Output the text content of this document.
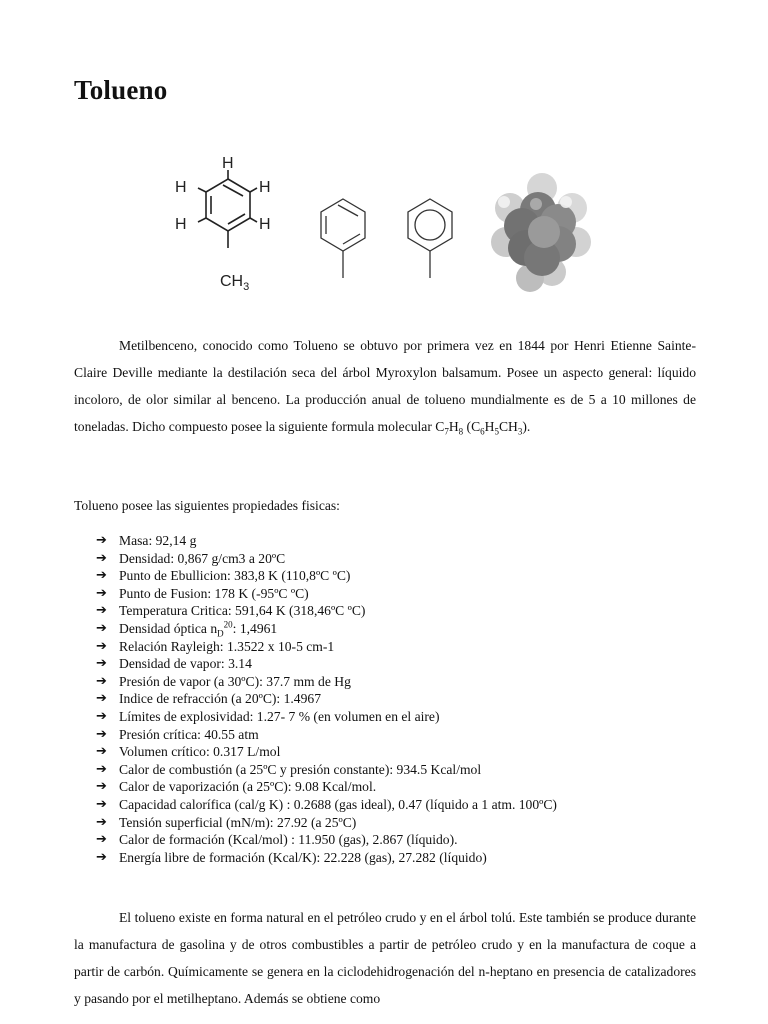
Tolueno
H
H
H
H
H
$CH_3$

Metilbenceno, conocido como Tolueno se obtuvo por primera vez en 1844 por Henri Etienne Sainte-Claire Deville mediante la destilación seca del árbol Myroxylon balsamum. Posee un aspecto general: líquido incoloro, de olor similar al benceno. La producción anual de tolueno mundialmente es de 5 a 10 millones de toneladas. Dicho compuesto posee la siguiente formula molecular $C_7H_8$ $(C_6H_5CH_3)$.

Tolueno posee las siguientes propiedades fisicas:

➔ Masa: 92,14 g
➔ Densidad: 0,867 g/cm3 a 20ºC
➔ Punto de Ebullicion: 383,8 K (110,8ºC ºC)
➔ Punto de Fusion: 178 K (-95ºC ºC)
➔ Temperatura Critica: 591,64 K (318,46ºC ºC)
➔ Densidad óptica $n_D^{20}$: 1,4961
➔ Relación Rayleigh: 1.3522 x 10-5 cm-1
➔ Densidad de vapor: 3.14
➔ Presión de vapor (a 30ºC): 37.7 mm de Hg
➔ Indice de refracción (a 20ºC): 1.4967
➔ Límites de explosividad: 1.27- 7 % (en volumen en el aire)
➔ Presión crítica: 40.55 atm
➔ Volumen crítico: 0.317 L/mol
➔ Calor de combustión (a 25ºC y presión constante): 934.5 Kcal/mol
➔ Calor de vaporización (a 25ºC): 9.08 Kcal/mol.
➔ Capacidad calorífica (cal/g K) : 0.2688 (gas ideal), 0.47 (líquido a 1 atm. 100ºC)
➔ Tensión superficial (mN/m): 27.92 (a 25ºC)
➔ Calor de formación (Kcal/mol) : 11.950 (gas), 2.867 (líquido).
➔ Energía libre de formación (Kcal/K): 22.228 (gas), 27.282 (líquido)

El tolueno existe en forma natural en el petróleo crudo y en el árbol tolú. Este también se produce durante la manufactura de gasolina y de otros combustibles a partir de petróleo crudo y en la manufactura de coque a partir de carbón. Químicamente se genera en la ciclodehidrogenación del n-heptano en presencia de catalizadores y pasando por el metilheptano. Además se obtiene como
